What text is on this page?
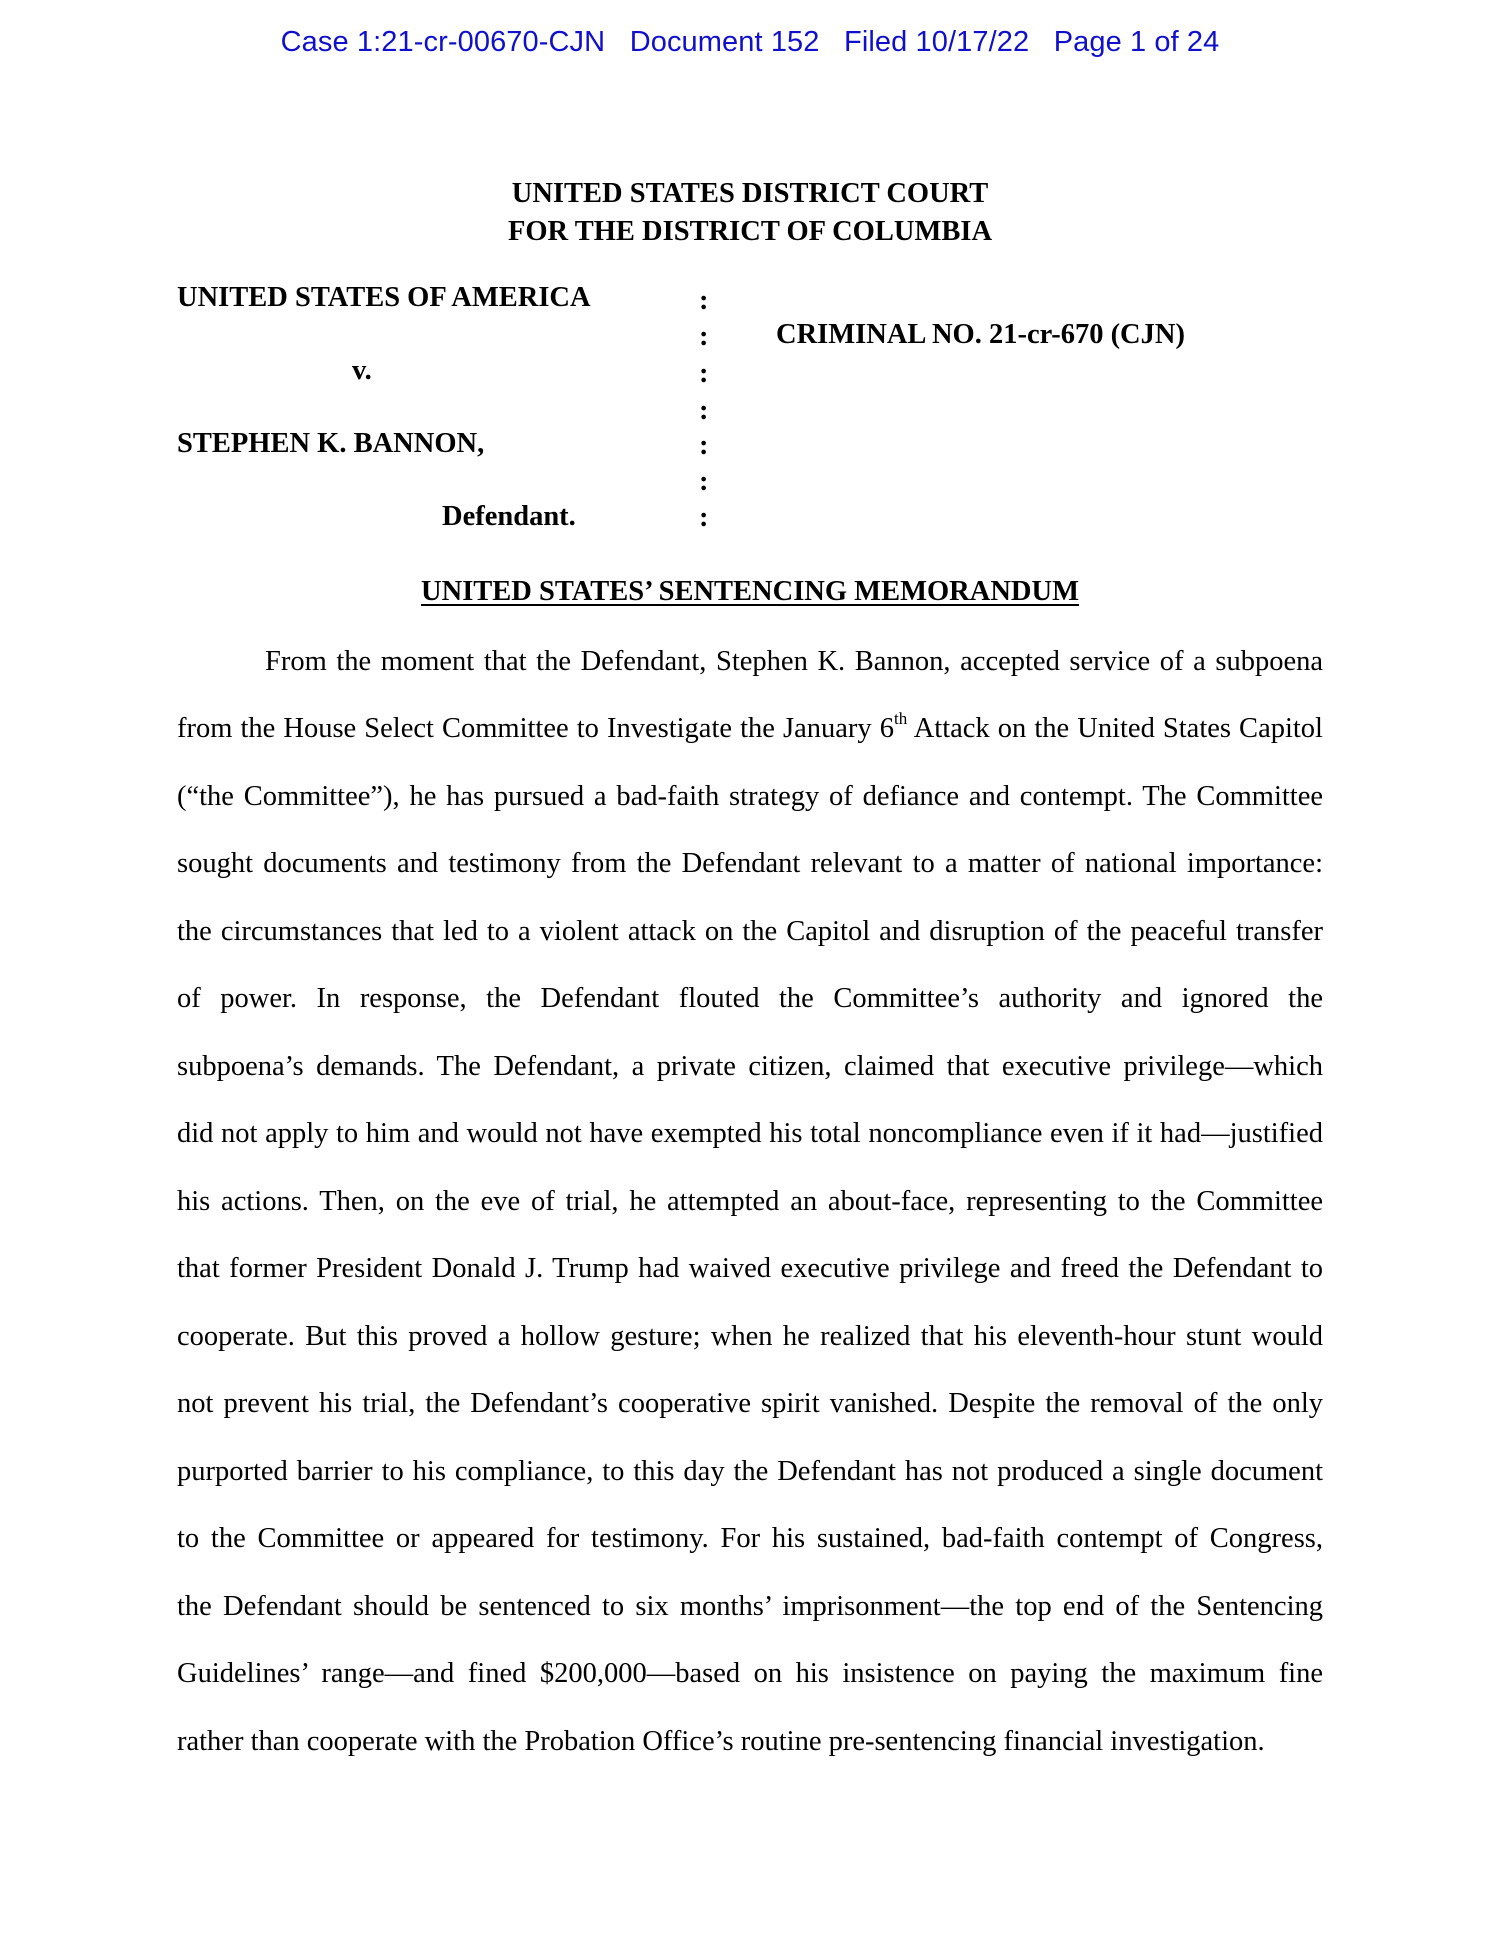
Case 1:21-cr-00670-CJN Document 152 Filed 10/17/22 Page 1 of 24
UNITED STATES DISTRICT COURT
FOR THE DISTRICT OF COLUMBIA
UNITED STATES OF AMERICA
v.
STEPHEN K. BANNON,
Defendant.
CRIMINAL NO. 21-cr-670 (CJN)
:
:
:
:
:
:
:
UNITED STATES’ SENTENCING MEMORANDUM
From the moment that the Defendant, Stephen K. Bannon, accepted service of a subpoena
from the House Select Committee to Investigate the January 6th Attack on the United States Capitol
(“the Committee”), he has pursued a bad-faith strategy of defiance and contempt. The Committee
sought documents and testimony from the Defendant relevant to a matter of national importance:
the circumstances that led to a violent attack on the Capitol and disruption of the peaceful transfer
of power. In response, the Defendant flouted the Committee’s authority and ignored the
subpoena’s demands. The Defendant, a private citizen, claimed that executive privilege—which
did not apply to him and would not have exempted his total noncompliance even if it had—justified
his actions. Then, on the eve of trial, he attempted an about-face, representing to the Committee
that former President Donald J. Trump had waived executive privilege and freed the Defendant to
cooperate. But this proved a hollow gesture; when he realized that his eleventh-hour stunt would
not prevent his trial, the Defendant’s cooperative spirit vanished. Despite the removal of the only
purported barrier to his compliance, to this day the Defendant has not produced a single document
to the Committee or appeared for testimony. For his sustained, bad-faith contempt of Congress,
the Defendant should be sentenced to six months’ imprisonment—the top end of the Sentencing
Guidelines’ range—and fined $200,000—based on his insistence on paying the maximum fine
rather than cooperate with the Probation Office’s routine pre-sentencing financial investigation.
